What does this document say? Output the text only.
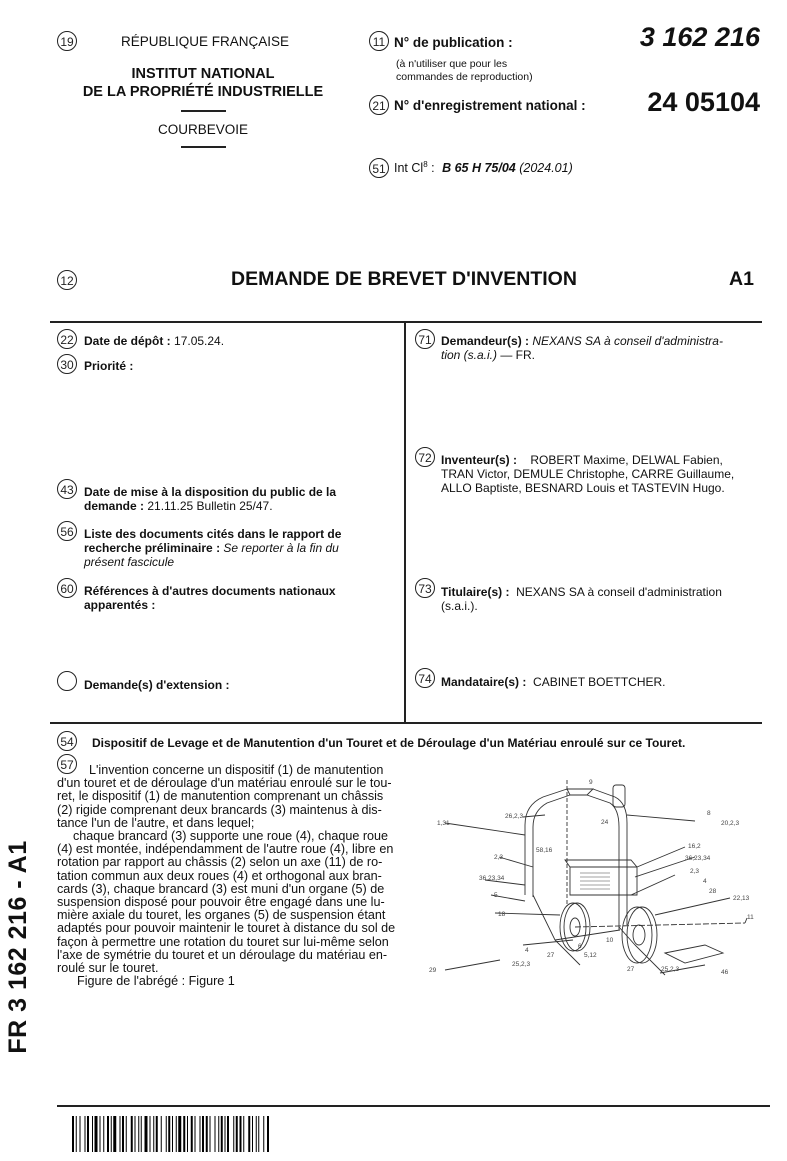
19	RÉPUBLIQUE FRANÇAISE
INSTITUT NATIONAL
DE LA PROPRIÉTÉ INDUSTRIELLE
COURBEVOIE
11 N° de publication :
(à n'utiliser que pour les
commandes de reproduction)
3 162 216
21 N° d'enregistrement national :	24 05104
51 Int Cl$^8$ : B 65 H 75/04 (2024.01)
12	DEMANDE DE BREVET D'INVENTION	A1
22 Date de dépôt : 17.05.24.
30 Priorité :
43 Date de mise à la disposition du public de la
demande : 21.11.25 Bulletin 25/47.
56 Liste des documents cités dans le rapport de
recherche préliminaire : Se reporter à la fin du
présent fascicule
60 Références à d'autres documents nationaux
apparentés :
Demande(s) d'extension :
71 Demandeur(s) : NEXANS SA à conseil d'administra-
tion (s.a.i.) — FR.
72 Inventeur(s) : ROBERT Maxime, DELWAL Fabien,
TRAN Victor, DEMULE Christophe, CARRE Guillaume,
ALLO Baptiste, BESNARD Louis et TASTEVIN Hugo.
73 Titulaire(s) : NEXANS SA à conseil d'administration
(s.a.i.).
74 Mandataire(s) : CABINET BOETTCHER.
54 Dispositif de Levage et de Manutention d'un Touret et de Déroulage d'un Matériau enroulé sur ce Touret.
57	L'invention concerne un dispositif (1) de manutention
d'un touret et de déroulage d'un matériau enroulé sur le tou-
ret, le dispositif (1) de manutention comprenant un châssis
(2) rigide comprenant deux brancards (3) maintenus à dis-
tance l'un de l'autre, et dans lequel;
chaque brancard (3) supporte une roue (4), chaque roue
(4) est montée, indépendamment de l'autre roue (4), libre en
rotation par rapport au châssis (2) selon un axe (11) de ro-
tation commun aux deux roues (4) et orthogonal aux bran-
cards (3), chaque brancard (3) est muni d'un organe (5) de
suspension disposé pour pouvoir être engagé dans une lu-
mière axiale du touret, les organes (5) de suspension étant
adaptés pour pouvoir maintenir le touret à distance du sol de
façon à permettre une rotation du touret sur lui-même selon
l'axe de symétrie du touret et un déroulage du matériau en-
roulé sur le touret.
Figure de l'abrégé : Figure 1
9
8
26,2,3
24	20,2,3
1,31
16,2
58,16
2,3	36,23,34
2,3
36,23,34	4
28
5	22,13
18	11
10
6
4
27	5,12
25,2,3
29	27	25,2,3	46
FR 3 162 216 - A1
